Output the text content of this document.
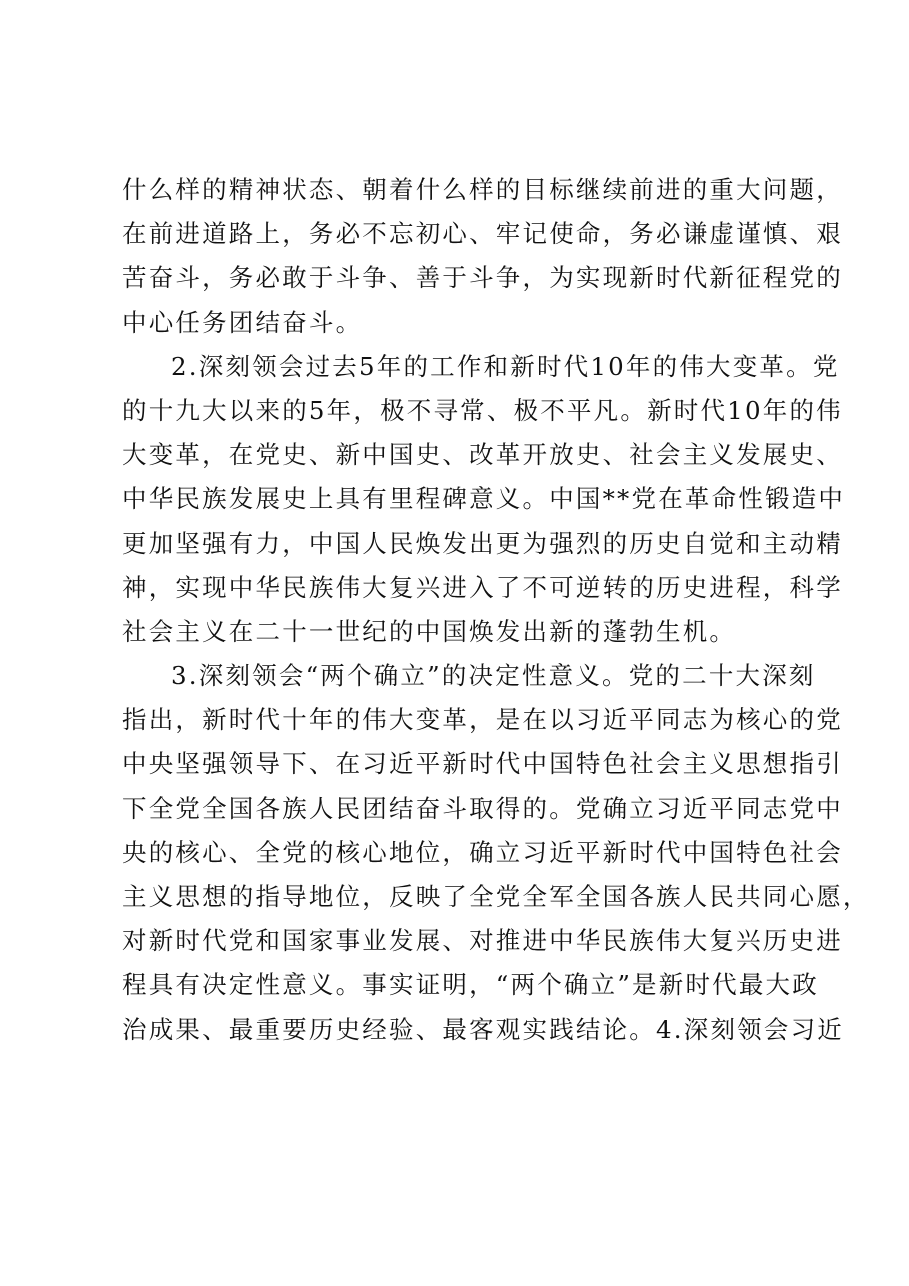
什么样的精神状态、朝着什么样的目标继续前进的重大问题，
在前进道路上，务必不忘初心、牢记使命，务必谦虚谨慎、艰
苦奋斗，务必敢于斗争、善于斗争，为实现新时代新征程党的
中心任务团结奋斗。
2.深刻领会过去5年的工作和新时代10年的伟大变革。党
的十九大以来的5年，极不寻常、极不平凡。新时代10年的伟
大变革，在党史、新中国史、改革开放史、社会主义发展史、
中华民族发展史上具有里程碑意义。中国**党在革命性锻造中
更加坚强有力，中国人民焕发出更为强烈的历史自觉和主动精
神，实现中华民族伟大复兴进入了不可逆转的历史进程，科学
社会主义在二十一世纪的中国焕发出新的蓬勃生机。
3.深刻领会“两个确立”的决定性意义。党的二十大深刻
指出，新时代十年的伟大变革，是在以习近平同志为核心的党
中央坚强领导下、在习近平新时代中国特色社会主义思想指引
下全党全国各族人民团结奋斗取得的。党确立习近平同志党中
央的核心、全党的核心地位，确立习近平新时代中国特色社会
主义思想的指导地位，反映了全党全军全国各族人民共同心愿，
对新时代党和国家事业发展、对推进中华民族伟大复兴历史进
程具有决定性意义。事实证明，“两个确立”是新时代最大政
治成果、最重要历史经验、最客观实践结论。4.深刻领会习近
